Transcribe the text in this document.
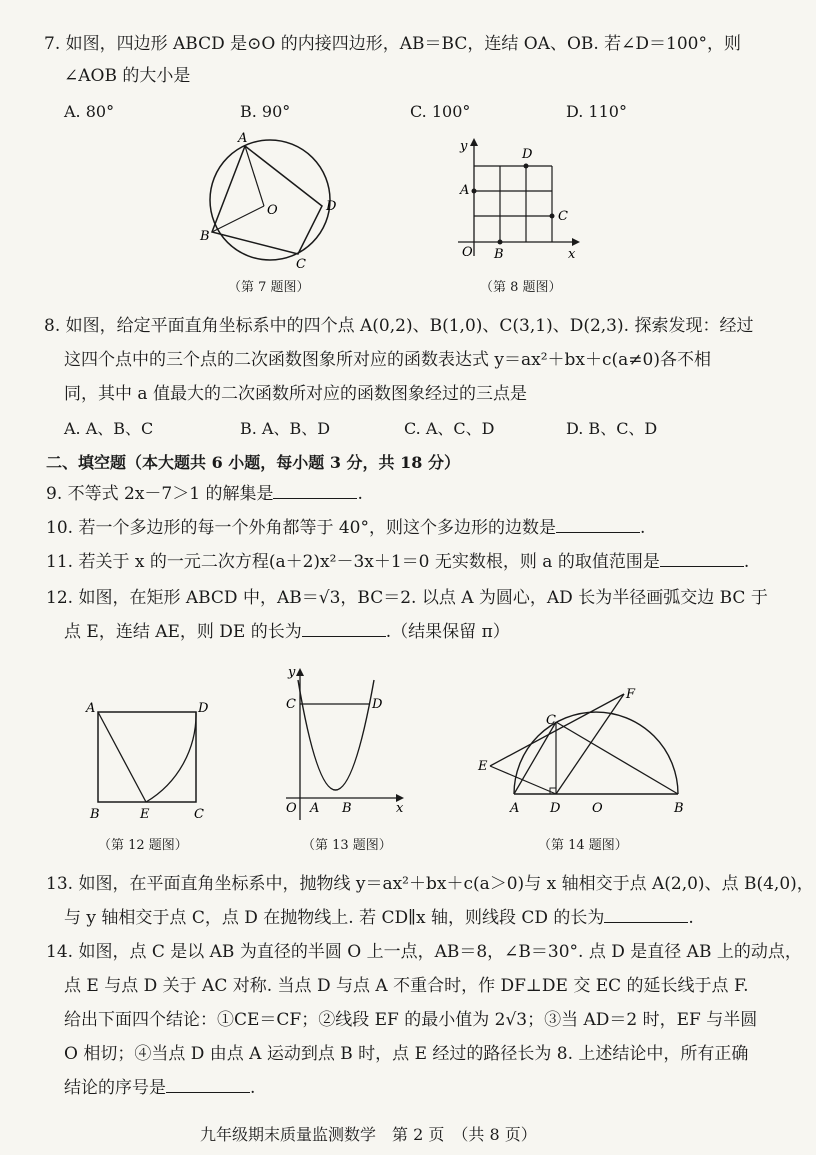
7. 如图，四边形 ABCD 是⊙O 的内接四边形，AB＝BC，连结 OA、OB. 若∠D＝100°，则
∠AOB 的大小是
A. 80°	B. 90°	C. 100°	D. 110°
A
B
C
D
O
（第 7 题图）
y
x
O
A
B
C
D
（第 8 题图）
8. 如图，给定平面直角坐标系中的四个点 A(0,2)、B(1,0)、C(3,1)、D(2,3). 探索发现：经过
这四个点中的三个点的二次函数图象所对应的函数表达式 y＝ax²＋bx＋c(a≠0)各不相
同，其中 a 值最大的二次函数所对应的函数图象经过的三点是
A. A、B、C	B. A、B、D	C. A、C、D	D. B、C、D
二、填空题（本大题共 6 小题，每小题 3 分，共 18 分）
9. 不等式 2x－7＞1 的解集是	.
10. 若一个多边形的每一个外角都等于 40°，则这个多边形的边数是	.
11. 若关于 x 的一元二次方程(a＋2)x²－3x＋1＝0 无实数根，则 a 的取值范围是	.
12. 如图，在矩形 ABCD 中，AB＝√3，BC＝2. 以点 A 为圆心，AD 长为半径画弧交边 BC 于
点 E，连结 AE，则 DE 的长为	.（结果保留 π）
A	D
B	E	C
（第 12 题图）
y
C	D
O A B	x
（第 13 题图）
F
C
E
A D O	B
（第 14 题图）
13. 如图，在平面直角坐标系中，抛物线 y＝ax²＋bx＋c(a＞0)与 x 轴相交于点 A(2,0)、点 B(4,0)，
与 y 轴相交于点 C，点 D 在抛物线上. 若 CD∥x 轴，则线段 CD 的长为	.
14. 如图，点 C 是以 AB 为直径的半圆 O 上一点，AB＝8，∠B＝30°. 点 D 是直径 AB 上的动点，
点 E 与点 D 关于 AC 对称. 当点 D 与点 A 不重合时，作 DF⊥DE 交 EC 的延长线于点 F.
给出下面四个结论：①CE＝CF；②线段 EF 的最小值为 2√3；③当 AD＝2 时，EF 与半圆
O 相切；④当点 D 由点 A 运动到点 B 时，点 E 经过的路径长为 8. 上述结论中，所有正确
结论的序号是	.
九年级期末质量监测数学　第 2 页　（共 8 页）
